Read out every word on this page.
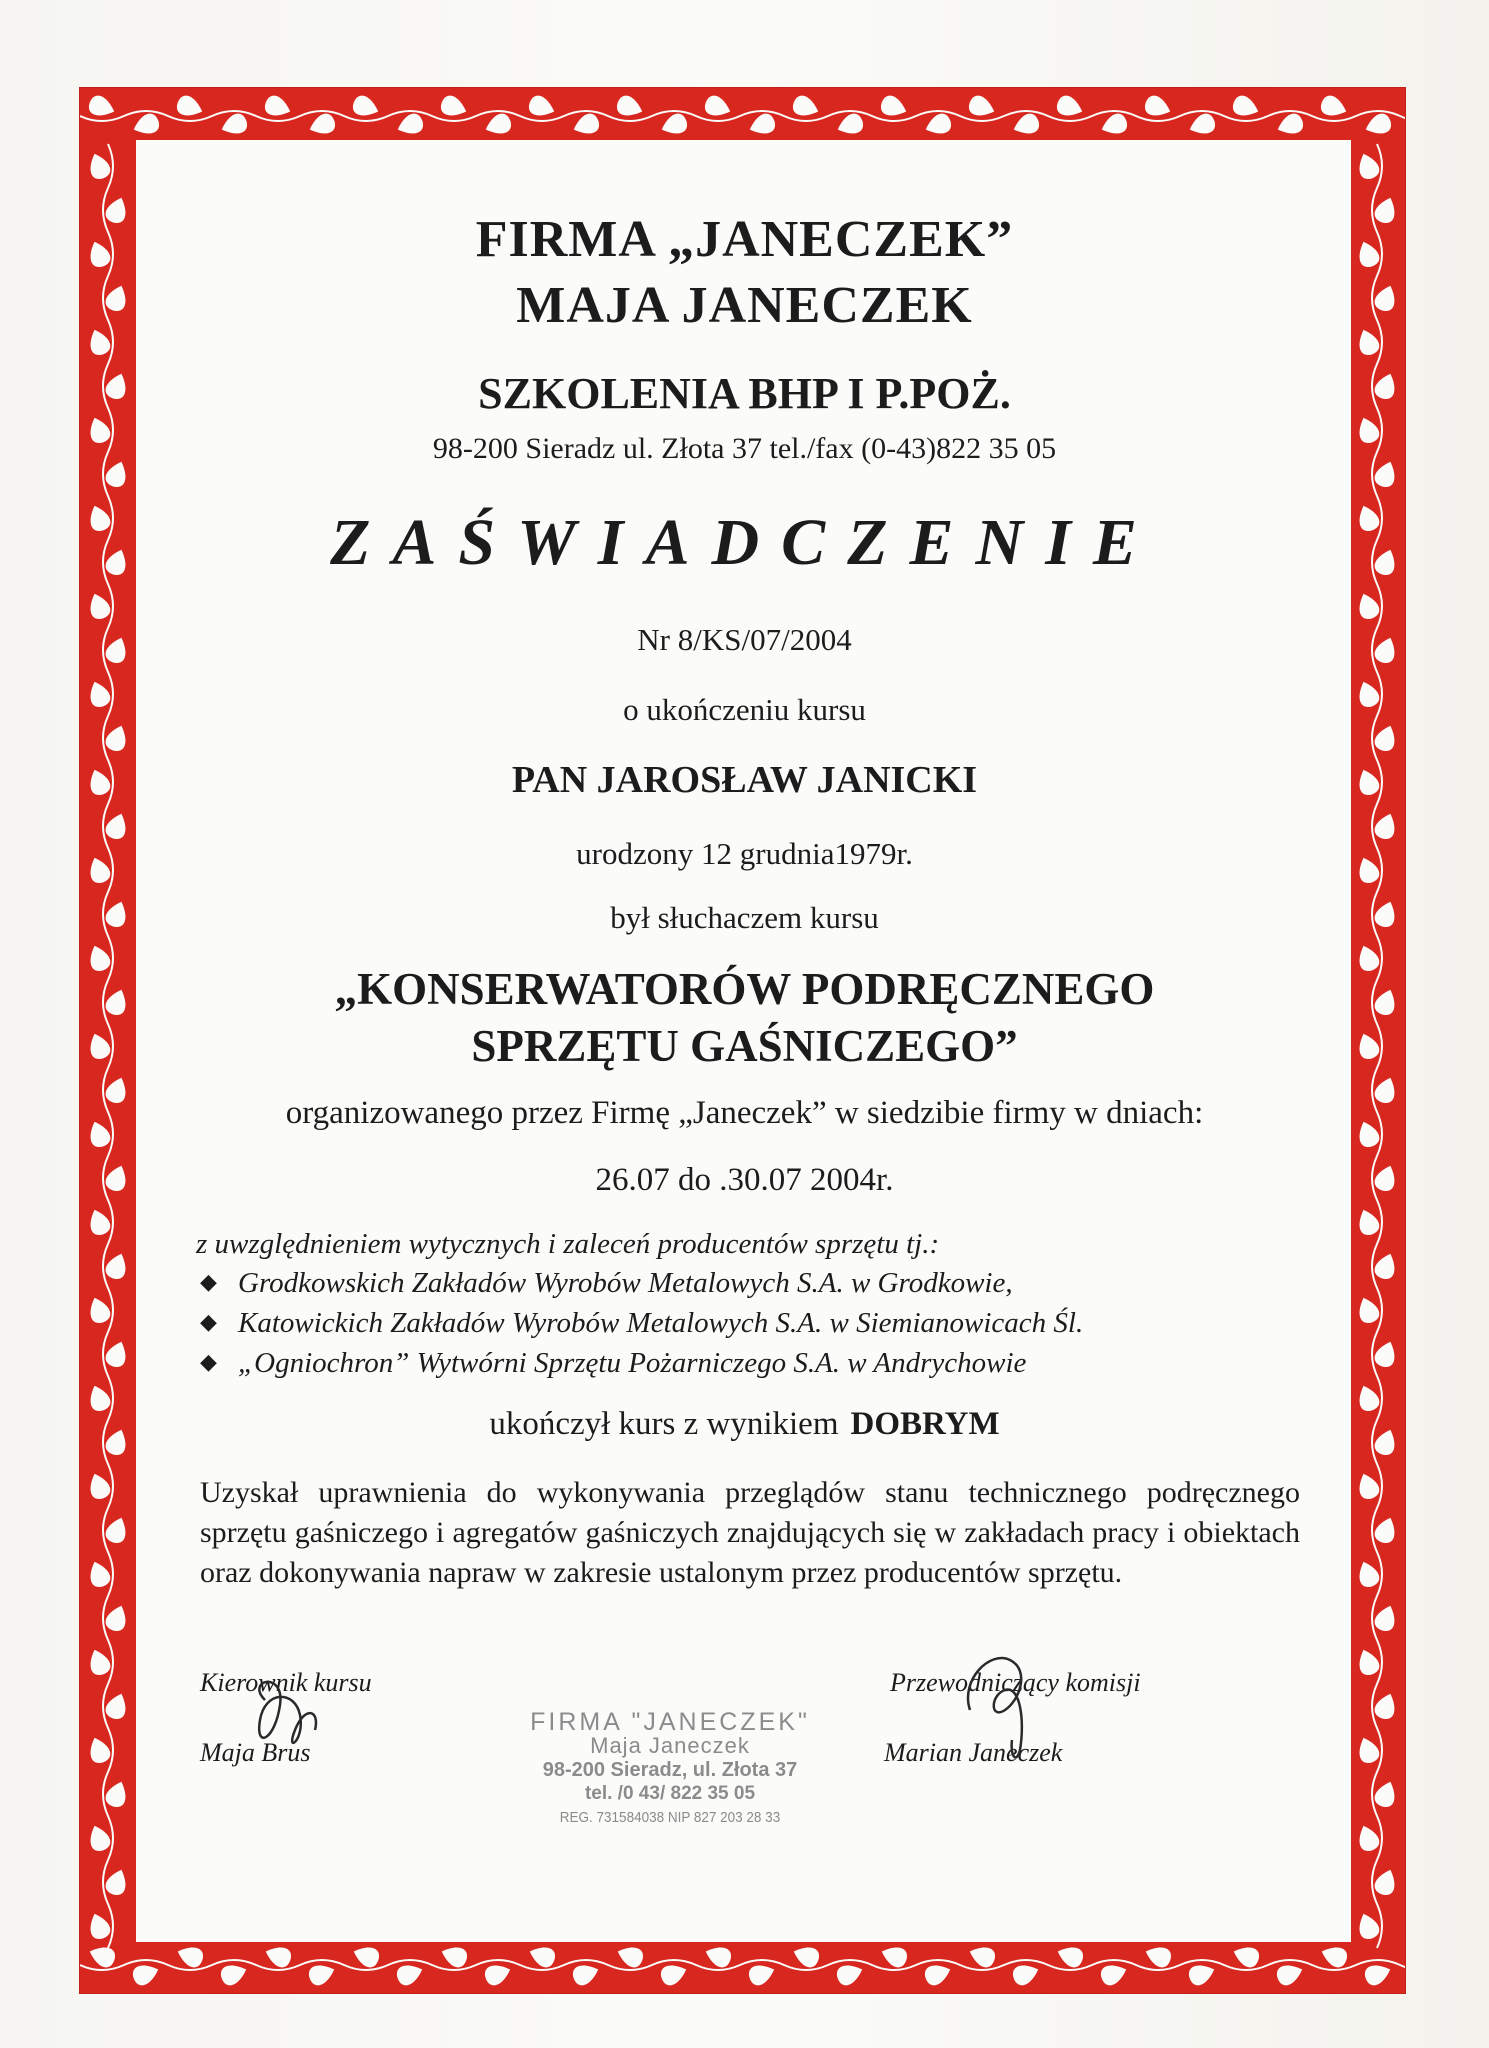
FIRMA „JANECZEK”
MAJA JANECZEK
SZKOLENIA BHP I P.POŻ.
98-200 Sieradz ul. Złota 37 tel./fax (0-43)822 35 05
ZAŚWIADCZENIE
Nr 8/KS/07/2004
o ukończeniu kursu
PAN JAROSŁAW JANICKI
urodzony 12 grudnia1979r.
był słuchaczem kursu
„KONSERWATORÓW PODRĘCZNEGO
SPRZĘTU GAŚNICZEGO”
organizowanego przez Firmę „Janeczek” w siedzibie firmy w dniach:
26.07 do .30.07 2004r.
z uwzględnieniem wytycznych i zaleceń producentów sprzętu tj.:
◆ Grodkowskich Zakładów Wyrobów Metalowych S.A. w Grodkowie,
◆ Katowickich Zakładów Wyrobów Metalowych S.A. w Siemianowicach Śl.
◆ „Ogniochron” Wytwórni Sprzętu Pożarniczego S.A. w Andrychowie
ukończył kurs z wynikiem DOBRYM
Uzyskał uprawnienia do wykonywania przeglądów stanu technicznego podręcznego sprzętu gaśniczego i agregatów gaśniczych znajdujących się w zakładach pracy i obiektach oraz dokonywania napraw w zakresie ustalonym przez producentów sprzętu.
Kierownik kursu
Maja Brus
Przewodniczący komisji
Marian Janeczek
FIRMA "JANECZEK"
Maja Janeczek
98-200 Sieradz, ul. Złota 37
tel. /0 43/ 822 35 05
REG. 731584038 NIP 827 203 28 33
